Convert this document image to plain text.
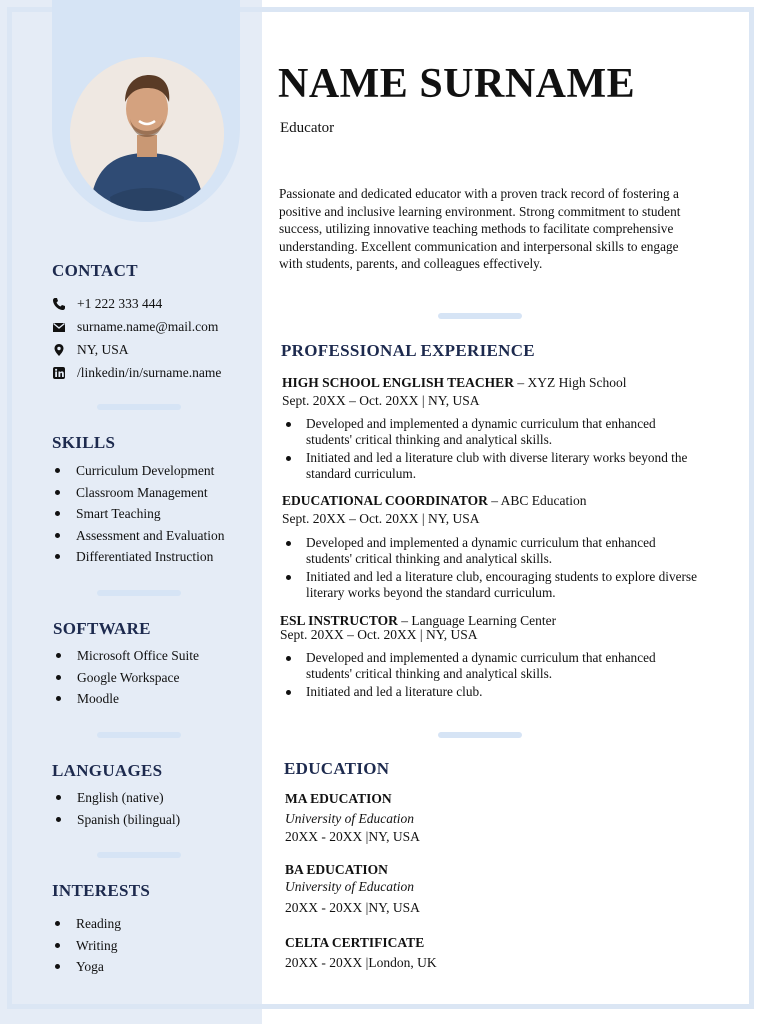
CONTACT
+1 222 333 444
surname.name@mail.com
NY, USA
/linkedin/in/surname.name
SKILLS
Curriculum Development
Classroom Management
Smart Teaching
Assessment and Evaluation
Differentiated Instruction
SOFTWARE
Microsoft Office Suite
Google Workspace
Moodle
LANGUAGES
English (native)
Spanish (bilingual)
INTERESTS
Reading
Writing
Yoga
NAME SURNAME
Educator

Passionate and dedicated educator with a proven track record of fostering a positive and inclusive learning environment. Strong commitment to student success, utilizing innovative teaching methods to facilitate comprehensive understanding. Excellent communication and interpersonal skills to engage with students, parents, and colleagues effectively.

PROFESSIONAL EXPERIENCE
HIGH SCHOOL ENGLISH TEACHER – XYZ High School
Sept. 20XX – Oct. 20XX | NY, USA
Developed and implemented a dynamic curriculum that enhanced students' critical thinking and analytical skills.
Initiated and led a literature club with diverse literary works beyond the standard curriculum.
EDUCATIONAL COORDINATOR – ABC Education
Sept. 20XX – Oct. 20XX | NY, USA
Developed and implemented a dynamic curriculum that enhanced students' critical thinking and analytical skills.
Initiated and led a literature club, encouraging students to explore diverse literary works beyond the standard curriculum.
ESL INSTRUCTOR – Language Learning Center
Sept. 20XX – Oct. 20XX | NY, USA
Developed and implemented a dynamic curriculum that enhanced students' critical thinking and analytical skills.
Initiated and led a literature club.
EDUCATION
MA EDUCATION
University of Education
20XX - 20XX |NY, USA
BA EDUCATION
University of Education
20XX - 20XX |NY, USA
CELTA CERTIFICATE
20XX - 20XX |London, UK
